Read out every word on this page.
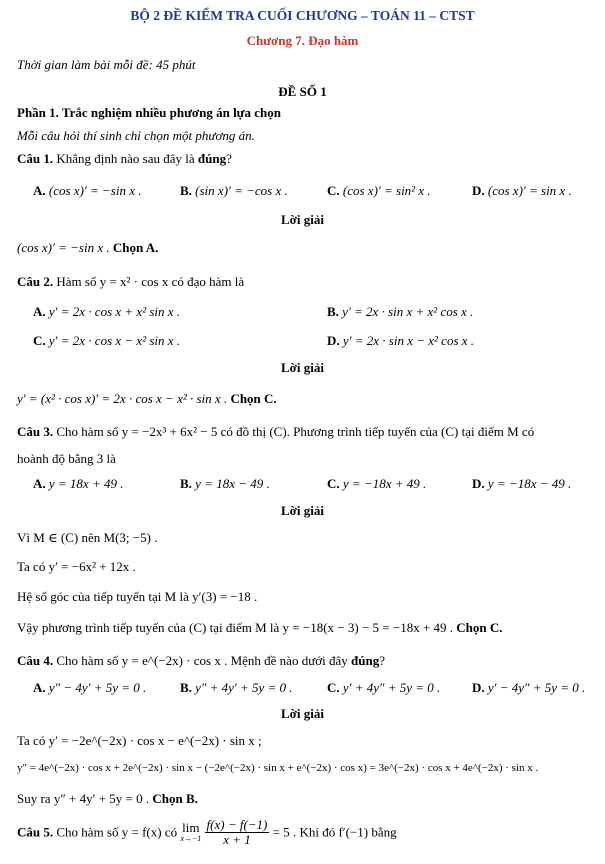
BỘ 2 ĐỀ KIỂM TRA CUỐI CHƯƠNG – TOÁN 11 – CTST
Chương 7. Đạo hàm
Thời gian làm bài mỗi đề: 45 phút
ĐỀ SỐ 1
Phần 1. Trắc nghiệm nhiều phương án lựa chọn
Mỗi câu hỏi thí sinh chỉ chọn một phương án.
Câu 1. Khẳng định nào sau đây là đúng?
A. (cos x)′ = −sin x .	B. (sin x)′ = −cos x .	C. (cos x)′ = sin² x .	D. (cos x)′ = sin x .
Lời giải
(cos x)′ = −sin x . Chọn A.
Câu 2. Hàm số y = x² · cos x có đạo hàm là
A. y′ = 2x · cos x + x² sin x .	B. y′ = 2x · sin x + x² cos x .
C. y′ = 2x · cos x − x² sin x .	D. y′ = 2x · sin x − x² cos x .
Lời giải
y′ = (x² · cos x)′ = 2x · cos x − x² · sin x . Chọn C.
Câu 3. Cho hàm số y = −2x³ + 6x² − 5 có đồ thị (C). Phương trình tiếp tuyến của (C) tại điểm M có
hoành độ bằng 3 là
A. y = 18x + 49 .	B. y = 18x − 49 .	C. y = −18x + 49 .	D. y = −18x − 49 .
Lời giải
Vì M ∈ (C) nên M(3; −5) .
Ta có y′ = −6x² + 12x .
Hệ số góc của tiếp tuyến tại M là y′(3) = −18 .
Vậy phương trình tiếp tuyến của (C) tại điểm M là y = −18(x − 3) − 5 = −18x + 49 . Chọn C.
Câu 4. Cho hàm số y = e^(−2x) · cos x . Mệnh đề nào dưới đây đúng?
A. y″ − 4y′ + 5y = 0 .	B. y″ + 4y′ + 5y = 0 .	C. y′ + 4y″ + 5y = 0 . D. y′ − 4y″ + 5y = 0 .
Lời giải
Ta có y′ = −2e^(−2x) · cos x − e^(−2x) · sin x ;
y″ = 4e^(−2x) · cos x + 2e^(−2x) · sin x − (−2e^(−2x) · sin x + e^(−2x) · cos x) = 3e^(−2x) · cos x + 4e^(−2x) · sin x .
Suy ra y″ + 4y′ + 5y = 0 . Chọn B.
Câu 5. Cho hàm số y = f(x) có lim
x→−1
$\frac{f(x) - f(-1)}{x + 1} = 5$ . Khi đó f′(−1) bằng
